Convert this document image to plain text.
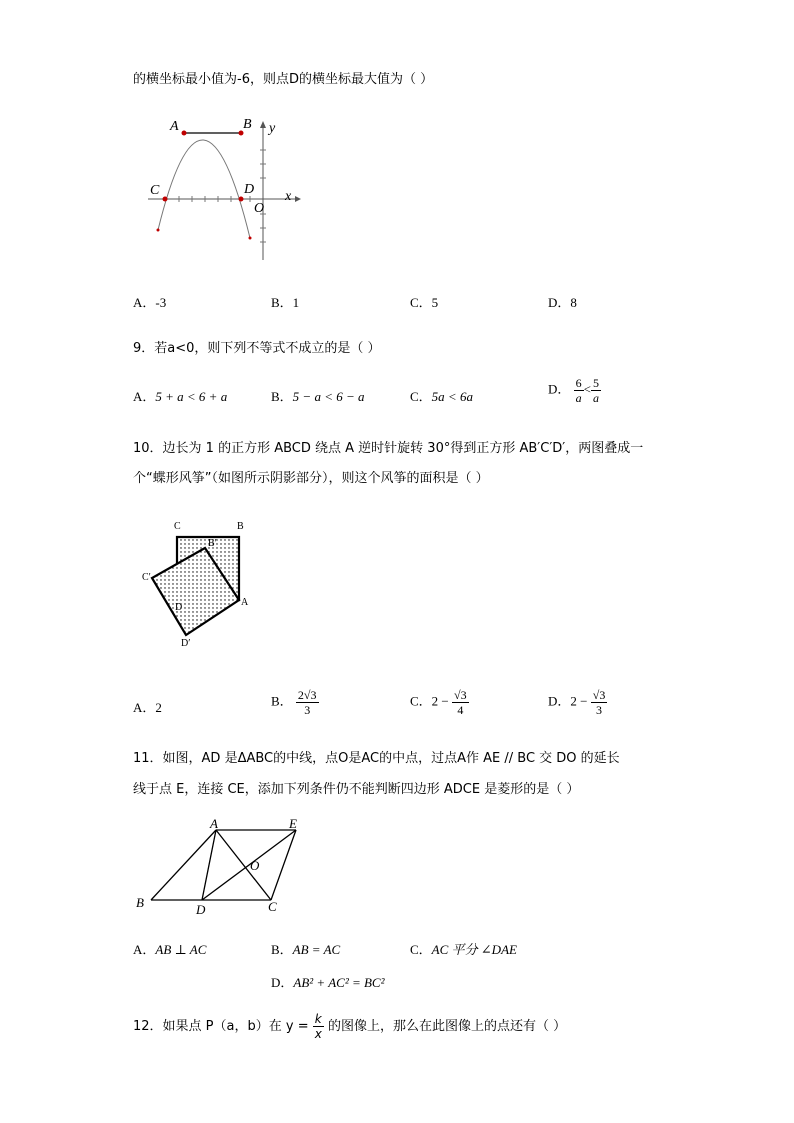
的横坐标最小值为-6，则点D的横坐标最大值为（ ）
A	B y
C	D x
O
A．-3	B．1	C．5	D．8
9．若a<0，则下列不等式不成立的是（ ）
A．5 + a < 6 + a	B．5 − a < 6 − a	C．5a < 6a
D． $\frac{6}{a} < \frac{5}{a}$
10．边长为 1 的正方形 ABCD 绕点 A 逆时针旋转 30°得到正方形 AB′C′D′，两图叠成一
个“蝶形风筝”（如图所示阴影部分），则这个风筝的面积是（ ）
C	B
B′
C′
D	A
D′
A．2	B． $\frac{2√3}{3}$	C．$2 - \frac{√3}{4}$	D．$2 - \frac{√3}{3}$
11．如图，AD 是ΔABC的中线，点O是AC的中点，过点A作 AE // BC 交 DO 的延长
线于点 E，连接 CE，添加下列条件仍不能判断四边形 ADCE 是菱形的是（ ）
A	E
O
B	D	C
A．AB ⊥ AC	B．AB = AC	C．AC 平分 ∠DAE
D．AB² + AC² = BC²
12．如果点 P（a，b）在 $y = \frac{k}{x}$ 的图像上，那么在此图像上的点还有（ ）
